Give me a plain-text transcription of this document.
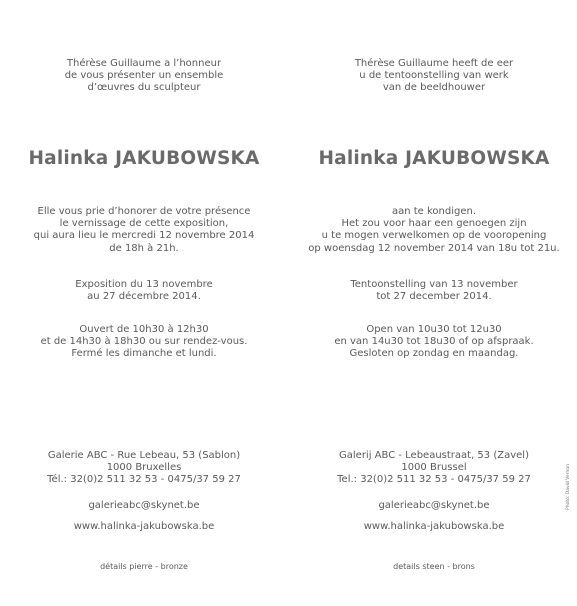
Thérèse Guillaume a l’honneur
de vous présenter un ensemble
d’œuvres du sculpteur
Halinka JAKUBOWSKA
Elle vous prie d’honorer de votre présence
le vernissage de cette exposition,
qui aura lieu le mercredi 12 novembre 2014
de 18h à 21h.
Exposition du 13 novembre
au 27 décembre 2014.
Ouvert de 10h30 à 12h30
et de 14h30 à 18h30 ou sur rendez-vous.
Fermé les dimanche et lundi.
Galerie ABC - Rue Lebeau, 53 (Sablon)
1000 Bruxelles
Tél.: 32(0)2 511 32 53 - 0475/37 59 27
galerieabc@skynet.be
www.halinka-jakubowska.be
détails pierre - bronze
Thérèse Guillaume heeft de eer
u de tentoonstelling van werk
van de beeldhouwer
Halinka JAKUBOWSKA
aan te kondigen.
Het zou voor haar een genoegen zijn
u te mogen verwelkomen op de vooropening
op woensdag 12 november 2014 van 18u tot 21u.
Tentoonstelling van 13 november
tot 27 december 2014.
Open van 10u30 tot 12u30
en van 14u30 tot 18u30 of op afspraak.
Gesloten op zondag en maandag.
Galerij ABC - Lebeaustraat, 53 (Zavel)
1000 Brussel
Tel.: 32(0)2 511 32 53 - 0475/37 59 27
galerieabc@skynet.be
www.halinka-jakubowska.be
details steen - brons
Photo: David Vernon
